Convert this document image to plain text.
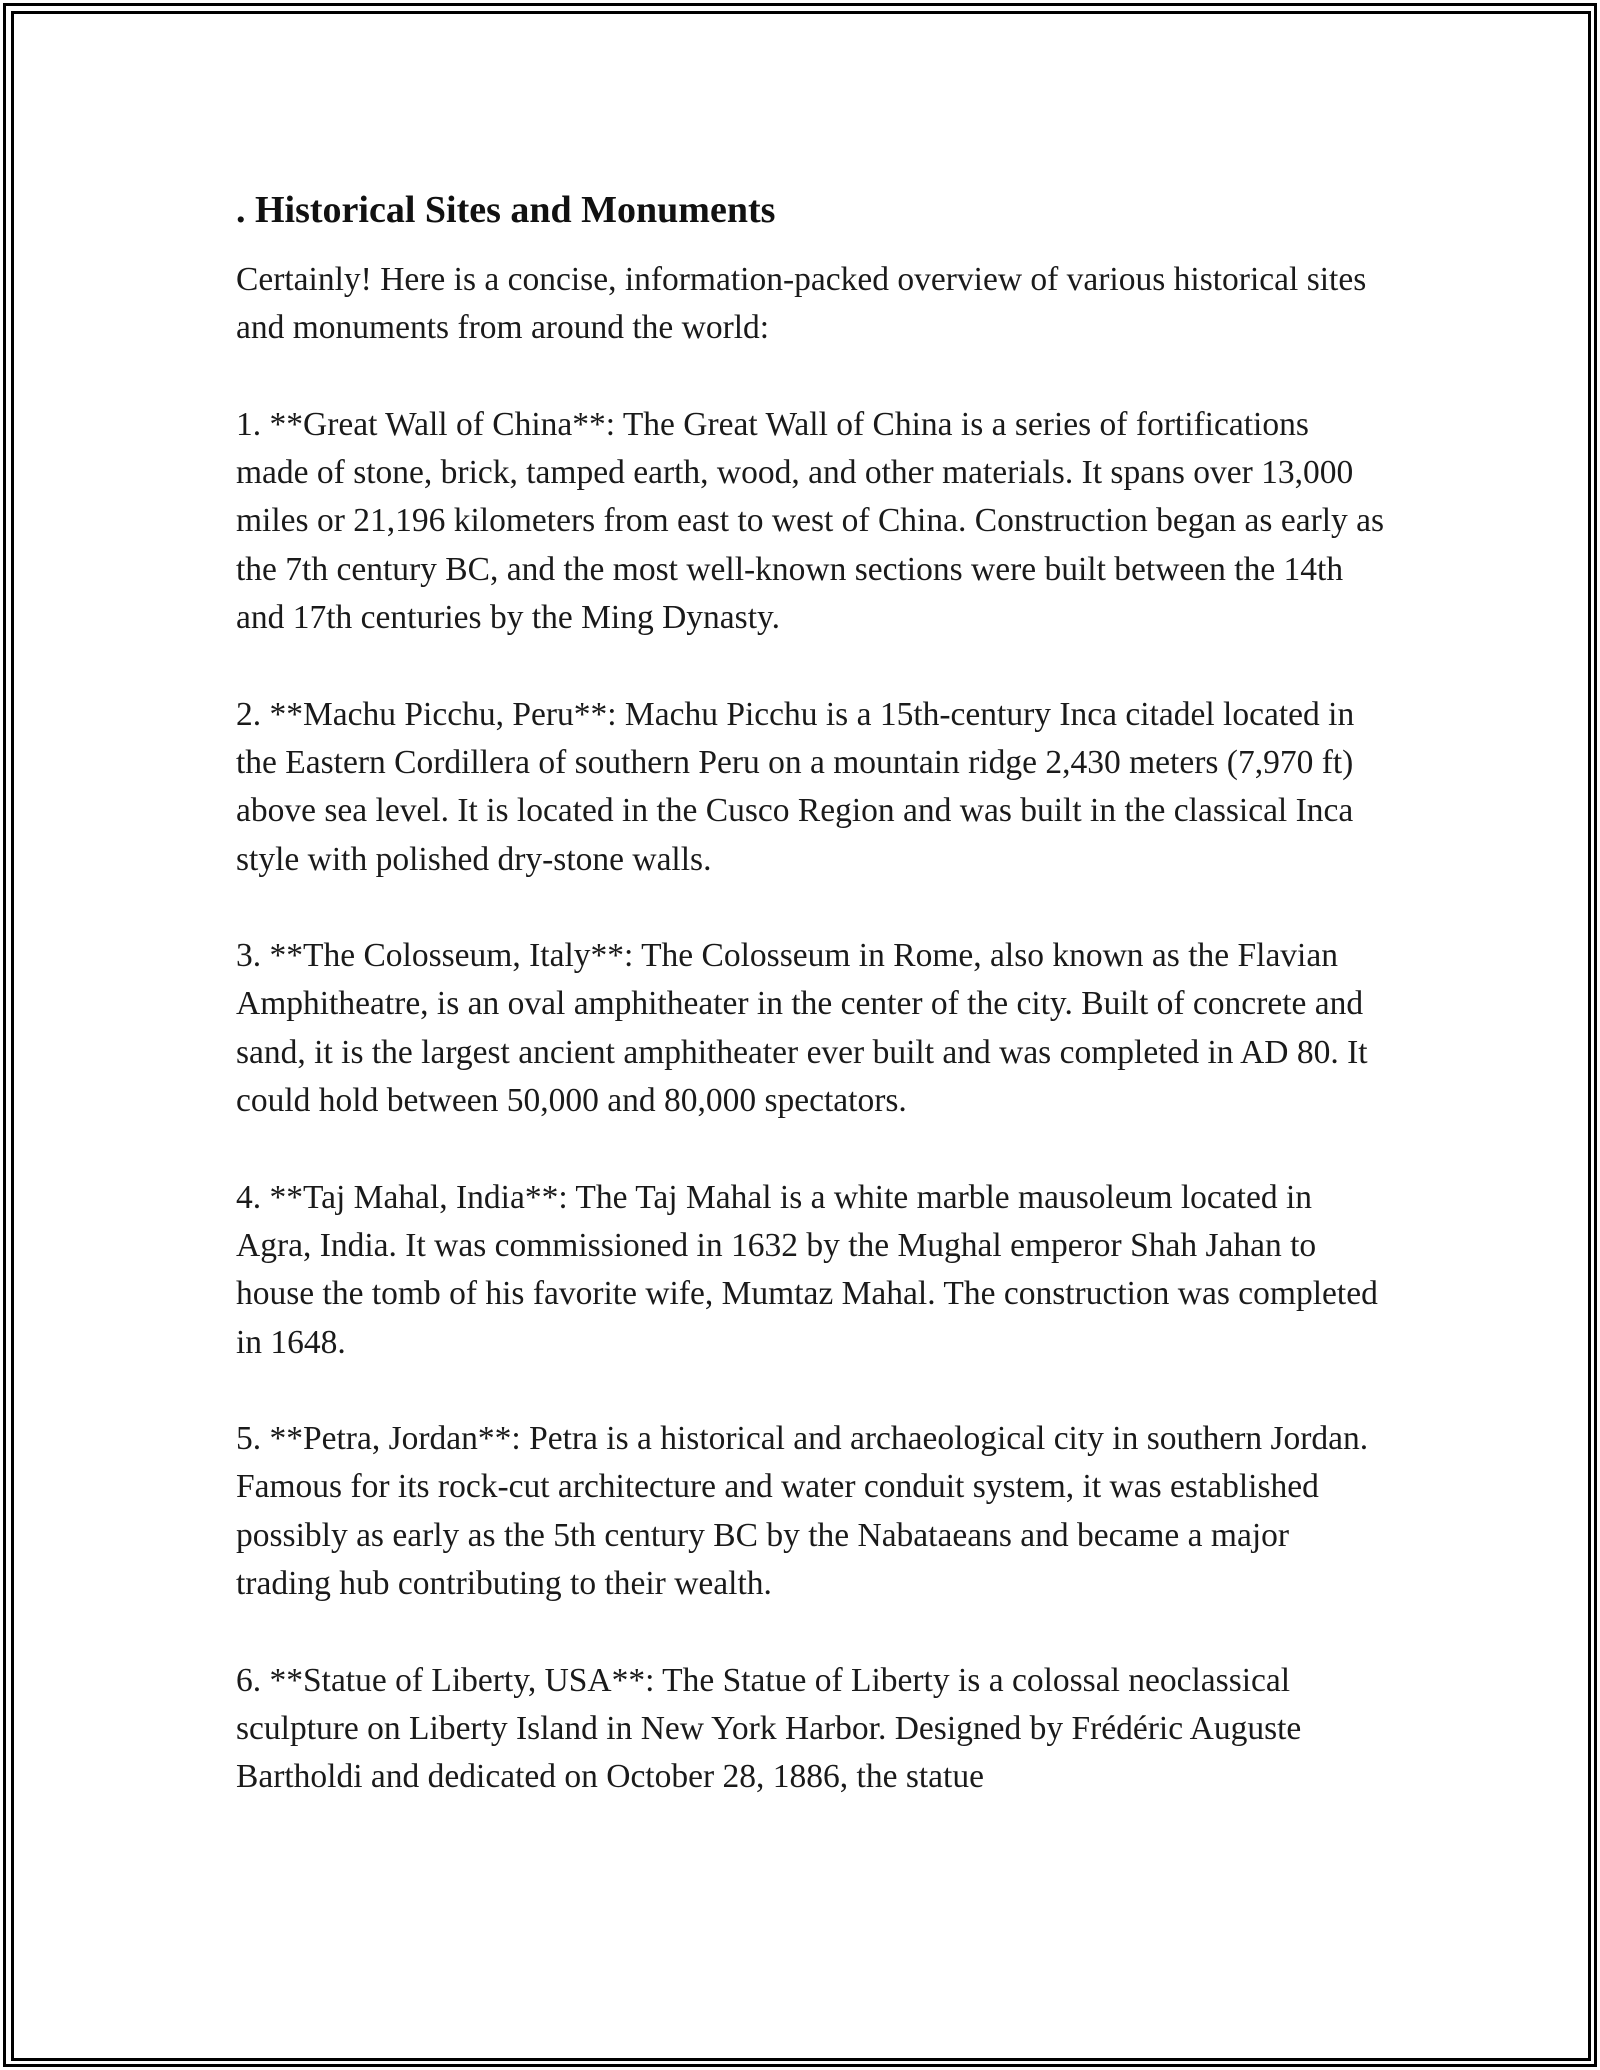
. Historical Sites and Monuments

Certainly! Here is a concise, information-packed overview of various historical sites and monuments from around the world:

1. **Great Wall of China**: The Great Wall of China is a series of fortifications made of stone, brick, tamped earth, wood, and other materials. It spans over 13,000 miles or 21,196 kilometers from east to west of China. Construction began as early as the 7th century BC, and the most well-known sections were built between the 14th and 17th centuries by the Ming Dynasty.

2. **Machu Picchu, Peru**: Machu Picchu is a 15th-century Inca citadel located in the Eastern Cordillera of southern Peru on a mountain ridge 2,430 meters (7,970 ft) above sea level. It is located in the Cusco Region and was built in the classical Inca style with polished dry-stone walls.

3. **The Colosseum, Italy**: The Colosseum in Rome, also known as the Flavian Amphitheatre, is an oval amphitheater in the center of the city. Built of concrete and sand, it is the largest ancient amphitheater ever built and was completed in AD 80. It could hold between 50,000 and 80,000 spectators.

4. **Taj Mahal, India**: The Taj Mahal is a white marble mausoleum located in Agra, India. It was commissioned in 1632 by the Mughal emperor Shah Jahan to house the tomb of his favorite wife, Mumtaz Mahal. The construction was completed in 1648.

5. **Petra, Jordan**: Petra is a historical and archaeological city in southern Jordan. Famous for its rock-cut architecture and water conduit system, it was established possibly as early as the 5th century BC by the Nabataeans and became a major trading hub contributing to their wealth.

6. **Statue of Liberty, USA**: The Statue of Liberty is a colossal neoclassical sculpture on Liberty Island in New York Harbor. Designed by Frédéric Auguste Bartholdi and dedicated on October 28, 1886, the statue
